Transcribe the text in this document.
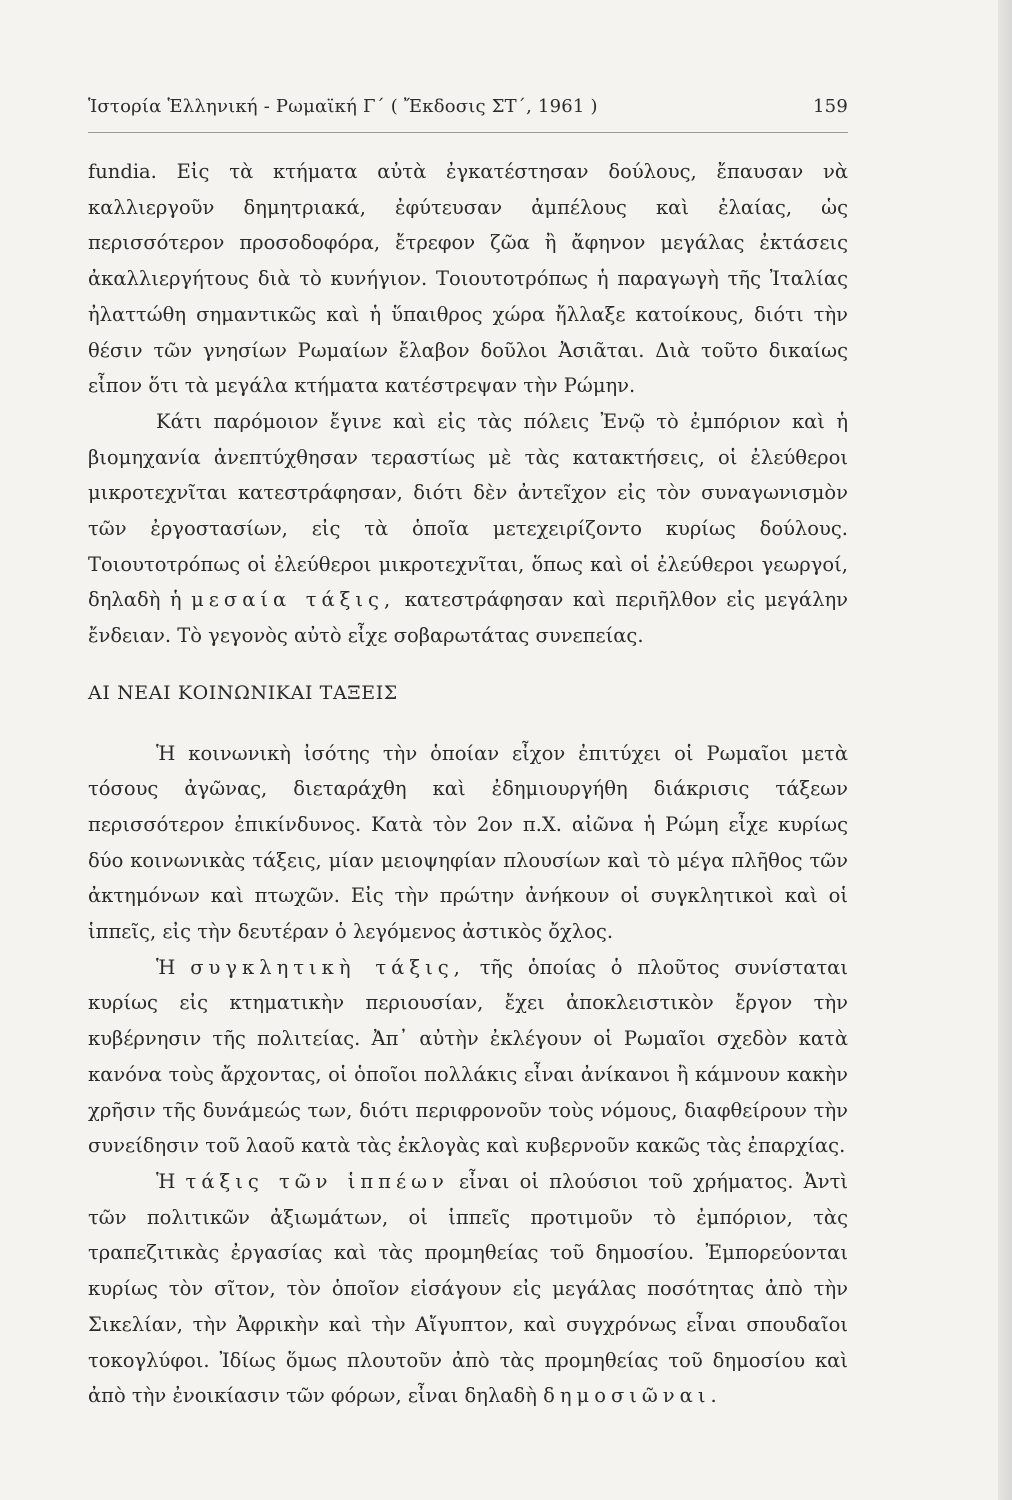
Ἱστορία Ἑλληνική - Ρωμαϊκή Γ΄ ( Ἔκδοσις ΣΤ΄, 1961 )	159

fundia. Εἰς τὰ κτήματα αὐτὰ ἐγκατέστησαν δούλους, ἔπαυσαν νὰ καλλιεργοῦν δημητριακά, ἐφύτευσαν ἀμπέλους καὶ ἐλαίας, ὡς περισσότερον προσοδοφόρα, ἔτρεφον ζῶα ἢ ἄφηνον μεγάλας ἐκτάσεις ἀκαλλιεργήτους διὰ τὸ κυνήγιον. Τοιουτοτρόπως ἡ παραγωγὴ τῆς Ἰταλίας ἠλαττώθη σημαντικῶς καὶ ἡ ὕπαιθρος χώρα ἤλλαξε κατοίκους, διότι τὴν θέσιν τῶν γνησίων Ρωμαίων ἔλαβον δοῦλοι Ἀσιᾶται. Διὰ τοῦτο δικαίως εἶπον ὅτι τὰ μεγάλα κτήματα κατέστρεψαν τὴν Ρώμην.

Κάτι παρόμοιον ἔγινε καὶ εἰς τὰς πόλεις Ἐνῷ τὸ ἐμπόριον καὶ ἡ βιομηχανία ἀνεπτύχθησαν τεραστίως μὲ τὰς κατακτήσεις, οἱ ἐλεύθεροι μικροτεχνῖται κατεστράφησαν, διότι δὲν ἀντεῖχον εἰς τὸν συναγωνισμὸν τῶν ἐργοστασίων, εἰς τὰ ὁποῖα μετεχειρίζοντο κυρίως δούλους. Τοιουτοτρόπως οἱ ἐλεύθεροι μικροτεχνῖται, ὅπως καὶ οἱ ἐλεύθεροι γεωργοί, δηλαδὴ ἡ μεσαία τάξις, κατεστράφησαν καὶ περιῆλθον εἰς μεγάλην ἔνδειαν. Τὸ γεγονὸς αὐτὸ εἶχε σοβαρωτάτας συνεπείας.

ΑΙ ΝΕΑΙ ΚΟΙΝΩΝΙΚΑΙ ΤΑΞΕΙΣ

Ἡ κοινωνικὴ ἰσότης τὴν ὁποίαν εἶχον ἐπιτύχει οἱ Ρωμαῖοι μετὰ τόσους ἀγῶνας, διεταράχθη καὶ ἐδημιουργήθη διάκρισις τάξεων περισσότερον ἐπικίνδυνος. Κατὰ τὸν 2ον π.Χ. αἰῶνα ἡ Ρώμη εἶχε κυρίως δύο κοινωνικὰς τάξεις, μίαν μειοψηφίαν πλουσίων καὶ τὸ μέγα πλῆθος τῶν ἀκτημόνων καὶ πτωχῶν. Εἰς τὴν πρώτην ἀνήκουν οἱ συγκλητικοὶ καὶ οἱ ἱππεῖς, εἰς τὴν δευτέραν ὁ λεγόμενος ἀστικὸς ὄχλος.

Ἡ συγκλητικὴ τάξις, τῆς ὁποίας ὁ πλοῦτος συνίσταται κυρίως εἰς κτηματικὴν περιουσίαν, ἔχει ἀποκλειστικὸν ἔργον τὴν κυβέρνησιν τῆς πολιτείας. Ἀπ᾿ αὐτὴν ἐκλέγουν οἱ Ρωμαῖοι σχεδὸν κατὰ κανόνα τοὺς ἄρχοντας, οἱ ὁποῖοι πολλάκις εἶναι ἀνίκανοι ἢ κάμνουν κακὴν χρῆσιν τῆς δυνάμεώς των, διότι περιφρονοῦν τοὺς νόμους, διαφθείρουν τὴν συνείδησιν τοῦ λαοῦ κατὰ τὰς ἐκλογὰς καὶ κυβερνοῦν κακῶς τὰς ἐπαρχίας.

Ἡ τάξις τῶν ἱππέων εἶναι οἱ πλούσιοι τοῦ χρήματος. Ἀντὶ τῶν πολιτικῶν ἀξιωμάτων, οἱ ἱππεῖς προτιμοῦν τὸ ἐμπόριον, τὰς τραπεζιτικὰς ἐργασίας καὶ τὰς προμηθείας τοῦ δημοσίου. Ἐμπορεύονται κυρίως τὸν σῖτον, τὸν ὁποῖον εἰσάγουν εἰς μεγάλας ποσότητας ἀπὸ τὴν Σικελίαν, τὴν Ἀφρικὴν καὶ τὴν Αἴγυπτον, καὶ συγχρόνως εἶναι σπουδαῖοι τοκογλύφοι. Ἰδίως ὅμως πλουτοῦν ἀπὸ τὰς προμηθείας τοῦ δημοσίου καὶ ἀπὸ τὴν ἐνοικίασιν τῶν φόρων, εἶναι δηλαδὴ δημοσιῶναι.
